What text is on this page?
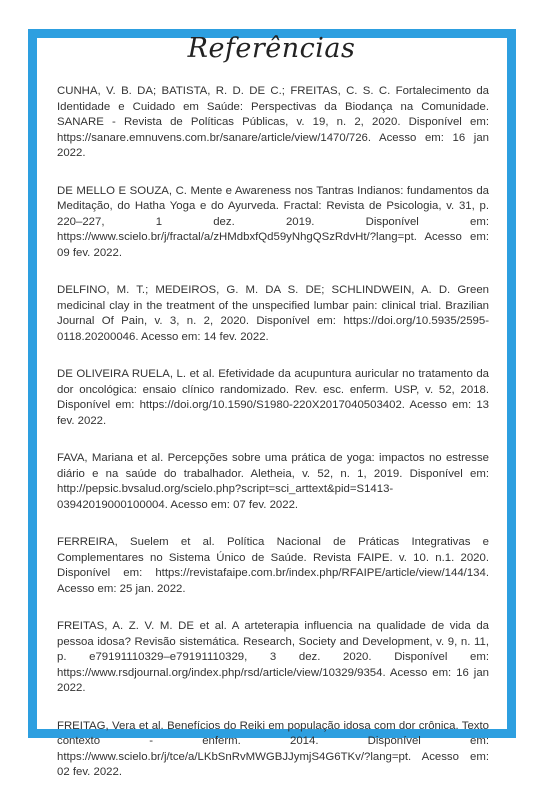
Referências

CUNHA, V. B. DA; BATISTA, R. D. DE C.; FREITAS, C. S. C. Fortalecimento da Identidade e Cuidado em Saúde: Perspectivas da Biodança na Comunidade. SANARE - Revista de Políticas Públicas, v. 19, n. 2, 2020. Disponível em: https://sanare.emnuvens.com.br/sanare/article/view/1470/726. Acesso em: 16 jan 2022.

DE MELLO E SOUZA, C. Mente e Awareness nos Tantras Indianos: fundamentos da Meditação, do Hatha Yoga e do Ayurveda. Fractal: Revista de Psicologia, v. 31, p. 220–227, 1 dez. 2019. Disponível em: https://www.scielo.br/j/fractal/a/zHMdbxfQd59yNhgQSzRdvHt/?lang=pt. Acesso em: 09 fev. 2022.

DELFINO, M. T.; MEDEIROS, G. M. DA S. DE; SCHLINDWEIN, A. D. Green medicinal clay in the treatment of the unspecified lumbar pain: clinical trial. Brazilian Journal Of Pain, v. 3, n. 2, 2020. Disponível em: https://doi.org/10.5935/2595-0118.20200046. Acesso em: 14 fev. 2022.

DE OLIVEIRA RUELA, L. et al. Efetividade da acupuntura auricular no tratamento da dor oncológica: ensaio clínico randomizado. Rev. esc. enferm. USP, v. 52, 2018. Disponível em: https://doi.org/10.1590/S1980-220X2017040503402. Acesso em: 13 fev. 2022.

FAVA, Mariana et al. Percepções sobre uma prática de yoga: impactos no estresse diário e na saúde do trabalhador. Aletheia, v. 52, n. 1, 2019. Disponível em: http://pepsic.bvsalud.org/scielo.php?script=sci_arttext&pid=S1413-03942019000100004. Acesso em: 07 fev. 2022.

FERREIRA, Suelem et al. Política Nacional de Práticas Integrativas e Complementares no Sistema Único de Saúde. Revista FAIPE. v. 10. n.1. 2020. Disponível em: https://revistafaipe.com.br/index.php/RFAIPE/article/view/144/134. Acesso em: 25 jan. 2022.

FREITAS, A. Z. V. M. DE et al. A arteterapia influencia na qualidade de vida da pessoa idosa? Revisão sistemática. Research, Society and Development, v. 9, n. 11, p. e79191110329–e79191110329, 3 dez. 2020. Disponível em: https://www.rsdjournal.org/index.php/rsd/article/view/10329/9354. Acesso em: 16 jan 2022.

FREITAG, Vera et al. Benefícios do Reiki em população idosa com dor crônica. Texto contexto - enferm. 2014. Disponível em: https://www.scielo.br/j/tce/a/LKbSnRvMWGBJJymjS4G6TKv/?lang=pt. Acesso em: 02 fev. 2022.
